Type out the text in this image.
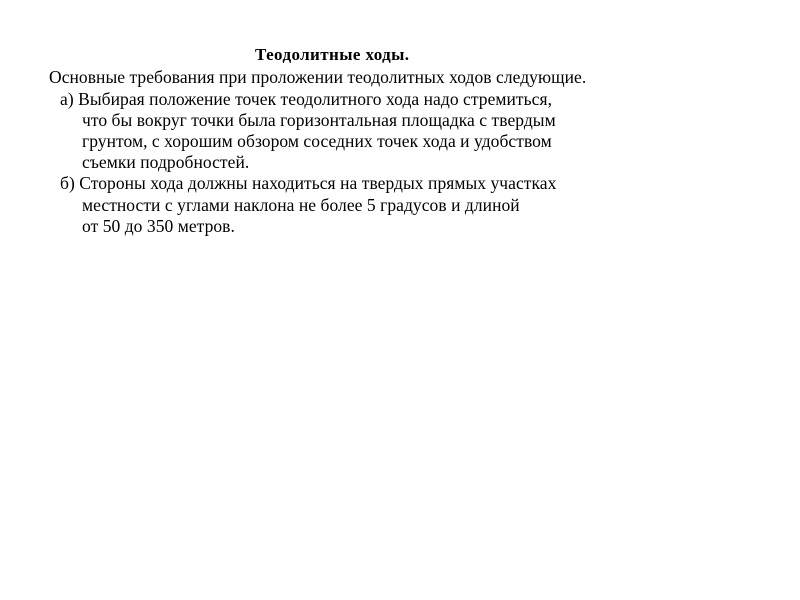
Теодолитные ходы.
Основные требования при проложении теодолитных ходов следующие.
а) Выбирая положение точек теодолитного хода надо стремиться,
что бы вокруг точки была горизонтальная площадка с твердым
грунтом, с хорошим обзором соседних точек хода и удобством
съемки подробностей.
б) Стороны хода должны находиться на твердых прямых участках
местности с углами наклона не более 5 градусов и длиной
от 50 до 350 метров.
